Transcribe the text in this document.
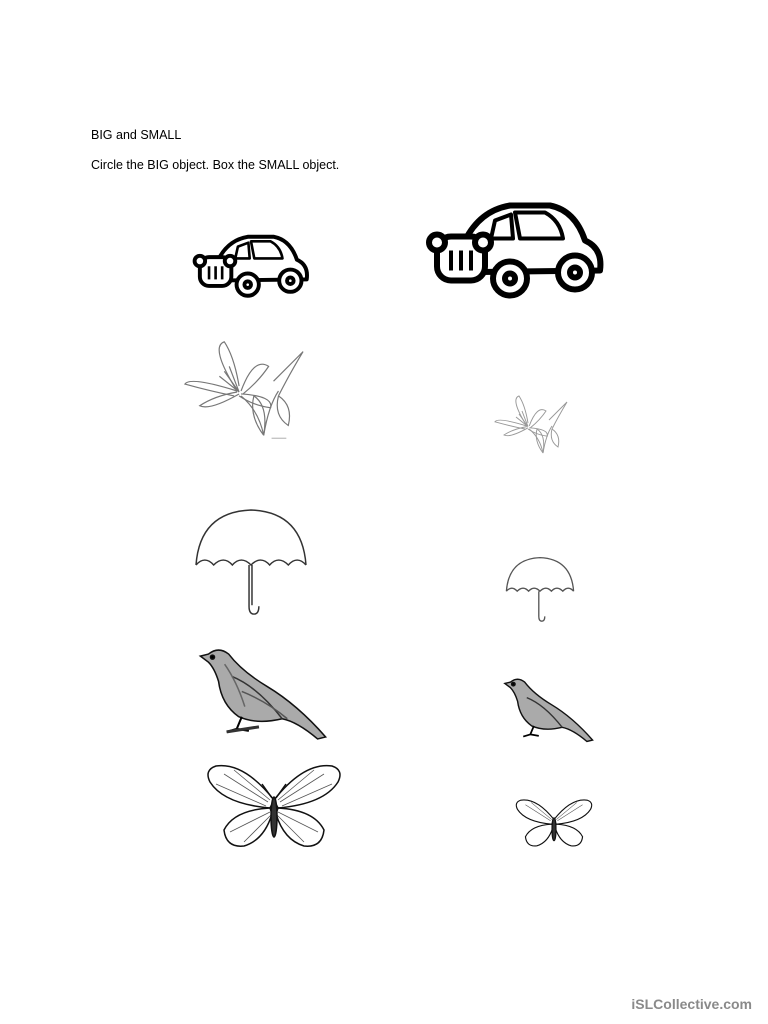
BIG and SMALL
Circle the BIG object. Box the SMALL object.
iSLCollective.com
